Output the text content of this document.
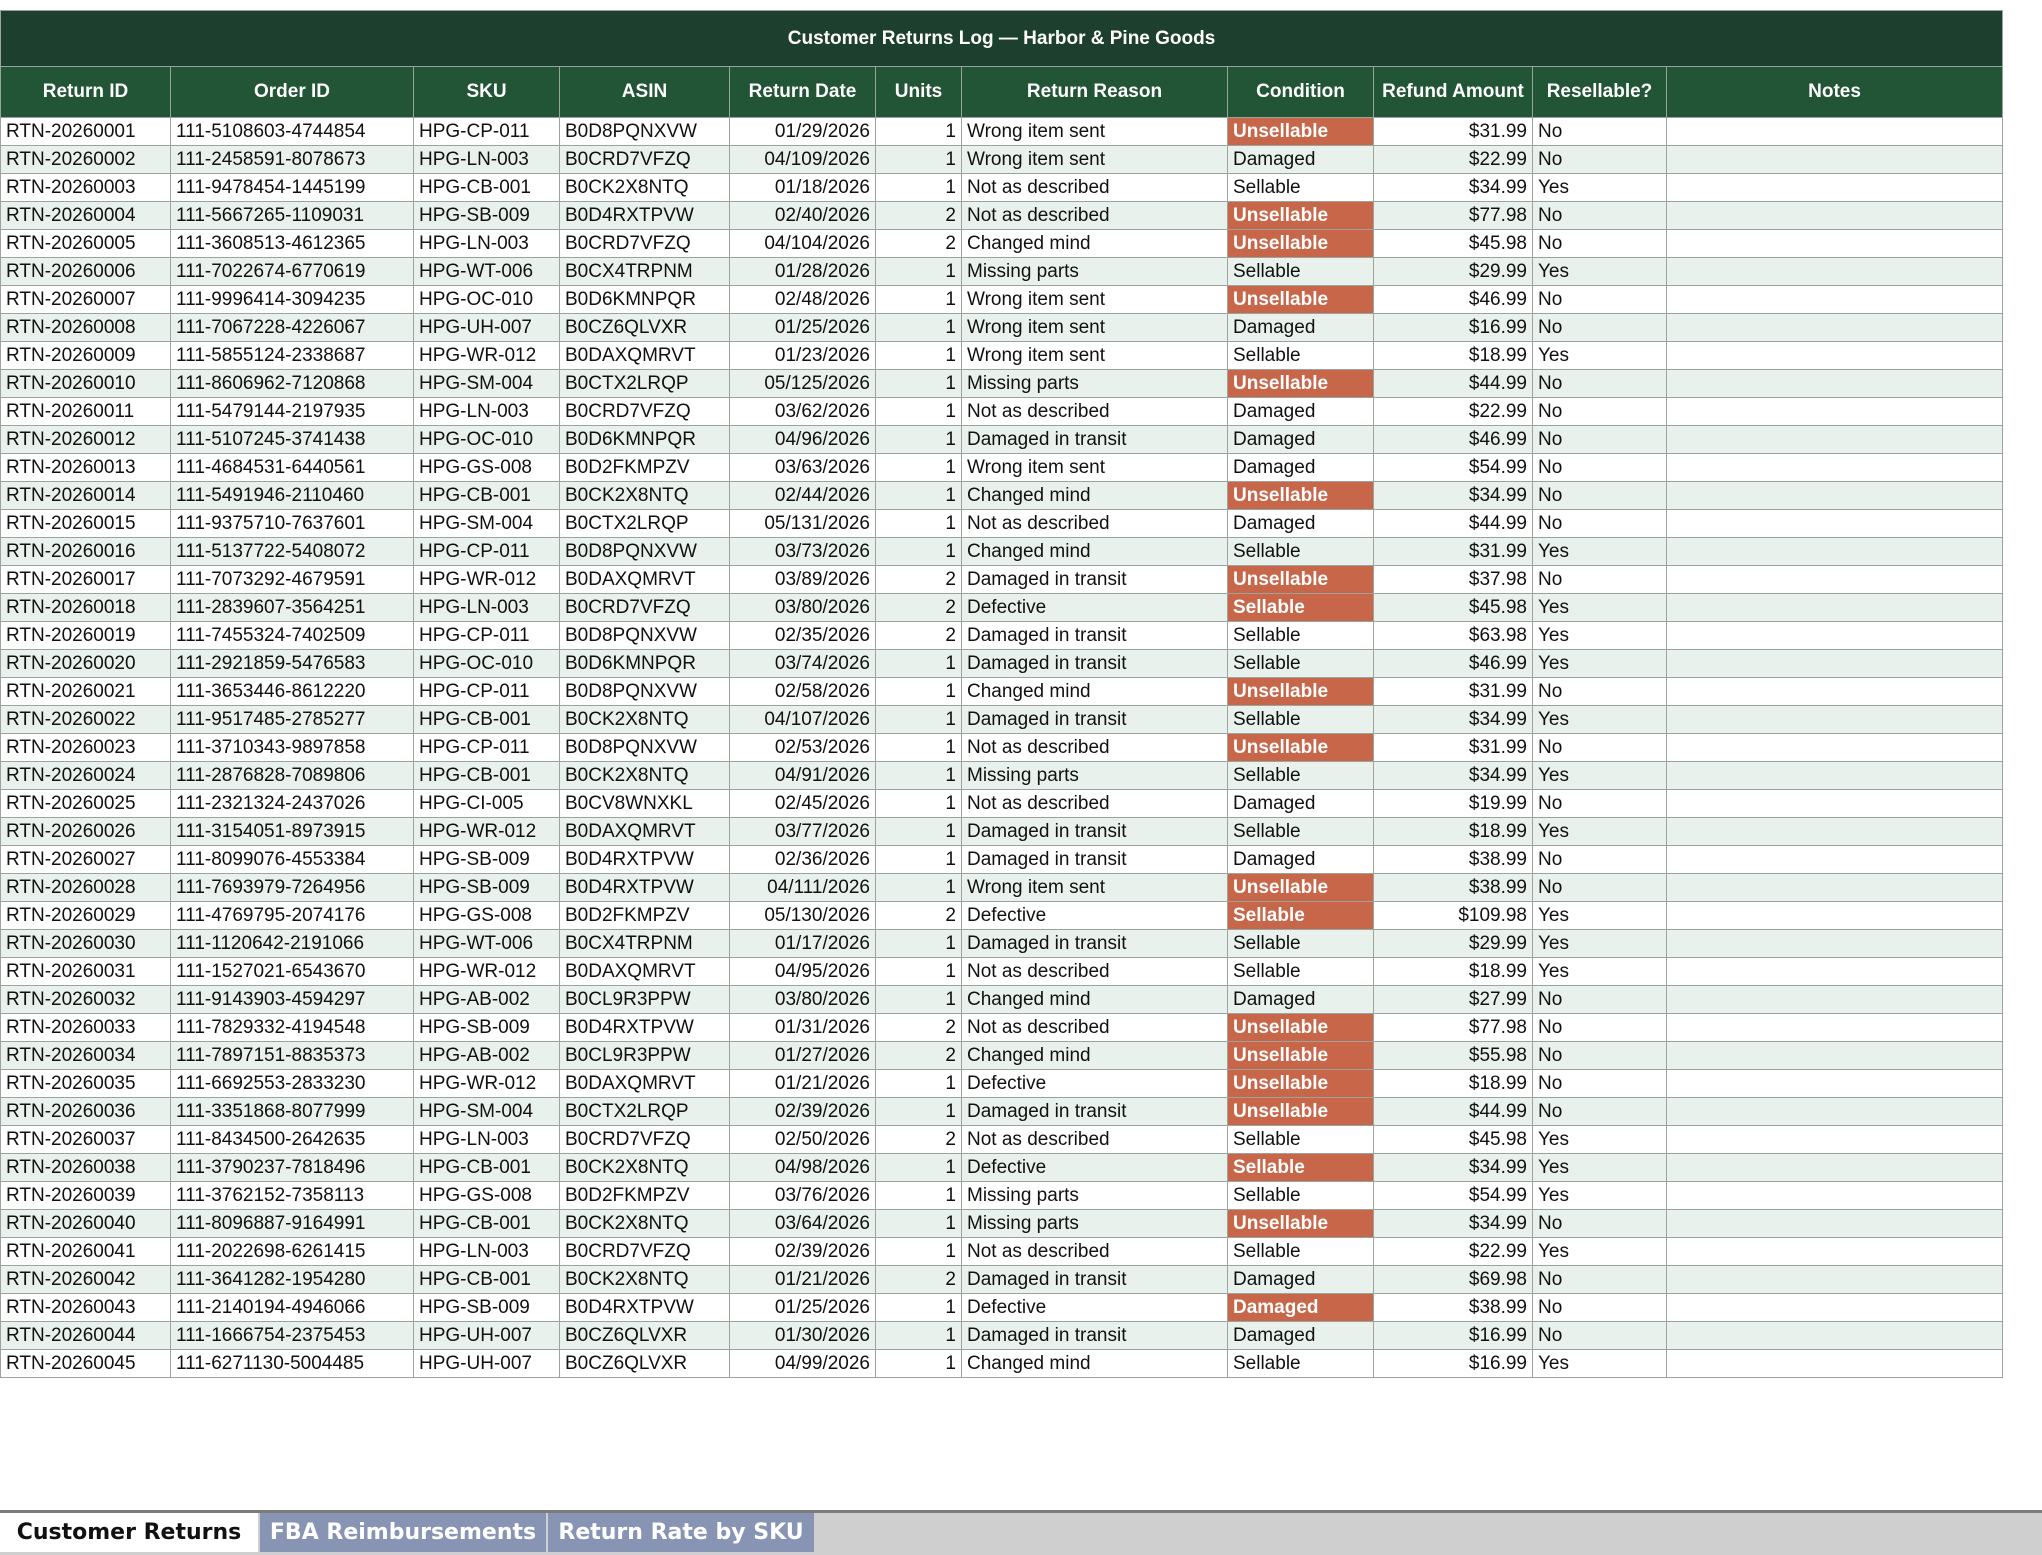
Customer Returns Log — Harbor & Pine Goods										
Return ID	Order ID	SKU	ASIN	Return Date	Units	Return Reason	Condition	Refund Amount	Resellable?	Notes
RTN-20260001	111-5108603-4744854	HPG-CP-011	B0D8PQNXVW	01/29/2026	1	Wrong item sent	Unsellable	$31.99	No	
RTN-20260002	111-2458591-8078673	HPG-LN-003	B0CRD7VFZQ	04/109/2026	1	Wrong item sent	Damaged	$22.99	No	
RTN-20260003	111-9478454-1445199	HPG-CB-001	B0CK2X8NTQ	01/18/2026	1	Not as described	Sellable	$34.99	Yes	
RTN-20260004	111-5667265-1109031	HPG-SB-009	B0D4RXTPVW	02/40/2026	2	Not as described	Unsellable	$77.98	No	
RTN-20260005	111-3608513-4612365	HPG-LN-003	B0CRD7VFZQ	04/104/2026	2	Changed mind	Unsellable	$45.98	No	
RTN-20260006	111-7022674-6770619	HPG-WT-006	B0CX4TRPNM	01/28/2026	1	Missing parts	Sellable	$29.99	Yes	
RTN-20260007	111-9996414-3094235	HPG-OC-010	B0D6KMNPQR	02/48/2026	1	Wrong item sent	Unsellable	$46.99	No	
RTN-20260008	111-7067228-4226067	HPG-UH-007	B0CZ6QLVXR	01/25/2026	1	Wrong item sent	Damaged	$16.99	No	
RTN-20260009	111-5855124-2338687	HPG-WR-012	B0DAXQMRVT	01/23/2026	1	Wrong item sent	Sellable	$18.99	Yes	
RTN-20260010	111-8606962-7120868	HPG-SM-004	B0CTX2LRQP	05/125/2026	1	Missing parts	Unsellable	$44.99	No	
RTN-20260011	111-5479144-2197935	HPG-LN-003	B0CRD7VFZQ	03/62/2026	1	Not as described	Damaged	$22.99	No	
RTN-20260012	111-5107245-3741438	HPG-OC-010	B0D6KMNPQR	04/96/2026	1	Damaged in transit	Damaged	$46.99	No	
RTN-20260013	111-4684531-6440561	HPG-GS-008	B0D2FKMPZV	03/63/2026	1	Wrong item sent	Damaged	$54.99	No	
RTN-20260014	111-5491946-2110460	HPG-CB-001	B0CK2X8NTQ	02/44/2026	1	Changed mind	Unsellable	$34.99	No	
RTN-20260015	111-9375710-7637601	HPG-SM-004	B0CTX2LRQP	05/131/2026	1	Not as described	Damaged	$44.99	No	
RTN-20260016	111-5137722-5408072	HPG-CP-011	B0D8PQNXVW	03/73/2026	1	Changed mind	Sellable	$31.99	Yes	
RTN-20260017	111-7073292-4679591	HPG-WR-012	B0DAXQMRVT	03/89/2026	2	Damaged in transit	Unsellable	$37.98	No	
RTN-20260018	111-2839607-3564251	HPG-LN-003	B0CRD7VFZQ	03/80/2026	2	Defective	Sellable	$45.98	Yes	
RTN-20260019	111-7455324-7402509	HPG-CP-011	B0D8PQNXVW	02/35/2026	2	Damaged in transit	Sellable	$63.98	Yes	
RTN-20260020	111-2921859-5476583	HPG-OC-010	B0D6KMNPQR	03/74/2026	1	Damaged in transit	Sellable	$46.99	Yes	
RTN-20260021	111-3653446-8612220	HPG-CP-011	B0D8PQNXVW	02/58/2026	1	Changed mind	Unsellable	$31.99	No	
RTN-20260022	111-9517485-2785277	HPG-CB-001	B0CK2X8NTQ	04/107/2026	1	Damaged in transit	Sellable	$34.99	Yes	
RTN-20260023	111-3710343-9897858	HPG-CP-011	B0D8PQNXVW	02/53/2026	1	Not as described	Unsellable	$31.99	No	
RTN-20260024	111-2876828-7089806	HPG-CB-001	B0CK2X8NTQ	04/91/2026	1	Missing parts	Sellable	$34.99	Yes	
RTN-20260025	111-2321324-2437026	HPG-CI-005	B0CV8WNXKL	02/45/2026	1	Not as described	Damaged	$19.99	No	
RTN-20260026	111-3154051-8973915	HPG-WR-012	B0DAXQMRVT	03/77/2026	1	Damaged in transit	Sellable	$18.99	Yes	
RTN-20260027	111-8099076-4553384	HPG-SB-009	B0D4RXTPVW	02/36/2026	1	Damaged in transit	Damaged	$38.99	No	
RTN-20260028	111-7693979-7264956	HPG-SB-009	B0D4RXTPVW	04/111/2026	1	Wrong item sent	Unsellable	$38.99	No	
RTN-20260029	111-4769795-2074176	HPG-GS-008	B0D2FKMPZV	05/130/2026	2	Defective	Sellable	$109.98	Yes	
RTN-20260030	111-1120642-2191066	HPG-WT-006	B0CX4TRPNM	01/17/2026	1	Damaged in transit	Sellable	$29.99	Yes	
RTN-20260031	111-1527021-6543670	HPG-WR-012	B0DAXQMRVT	04/95/2026	1	Not as described	Sellable	$18.99	Yes	
RTN-20260032	111-9143903-4594297	HPG-AB-002	B0CL9R3PPW	03/80/2026	1	Changed mind	Damaged	$27.99	No	
RTN-20260033	111-7829332-4194548	HPG-SB-009	B0D4RXTPVW	01/31/2026	2	Not as described	Unsellable	$77.98	No	
RTN-20260034	111-7897151-8835373	HPG-AB-002	B0CL9R3PPW	01/27/2026	2	Changed mind	Unsellable	$55.98	No	
RTN-20260035	111-6692553-2833230	HPG-WR-012	B0DAXQMRVT	01/21/2026	1	Defective	Unsellable	$18.99	No	
RTN-20260036	111-3351868-8077999	HPG-SM-004	B0CTX2LRQP	02/39/2026	1	Damaged in transit	Unsellable	$44.99	No	
RTN-20260037	111-8434500-2642635	HPG-LN-003	B0CRD7VFZQ	02/50/2026	2	Not as described	Sellable	$45.98	Yes	
RTN-20260038	111-3790237-7818496	HPG-CB-001	B0CK2X8NTQ	04/98/2026	1	Defective	Sellable	$34.99	Yes	
RTN-20260039	111-3762152-7358113	HPG-GS-008	B0D2FKMPZV	03/76/2026	1	Missing parts	Sellable	$54.99	Yes	
RTN-20260040	111-8096887-9164991	HPG-CB-001	B0CK2X8NTQ	03/64/2026	1	Missing parts	Unsellable	$34.99	No	
RTN-20260041	111-2022698-6261415	HPG-LN-003	B0CRD7VFZQ	02/39/2026	1	Not as described	Sellable	$22.99	Yes	
RTN-20260042	111-3641282-1954280	HPG-CB-001	B0CK2X8NTQ	01/21/2026	2	Damaged in transit	Damaged	$69.98	No	
RTN-20260043	111-2140194-4946066	HPG-SB-009	B0D4RXTPVW	01/25/2026	1	Defective	Damaged	$38.99	No	
RTN-20260044	111-1666754-2375453	HPG-UH-007	B0CZ6QLVXR	01/30/2026	1	Damaged in transit	Damaged	$16.99	No	
RTN-20260045	111-6271130-5004485	HPG-UH-007	B0CZ6QLVXR	04/99/2026	1	Changed mind	Sellable	$16.99	Yes	
Customer Returns	FBA Reimbursements	Return Rate by SKU
